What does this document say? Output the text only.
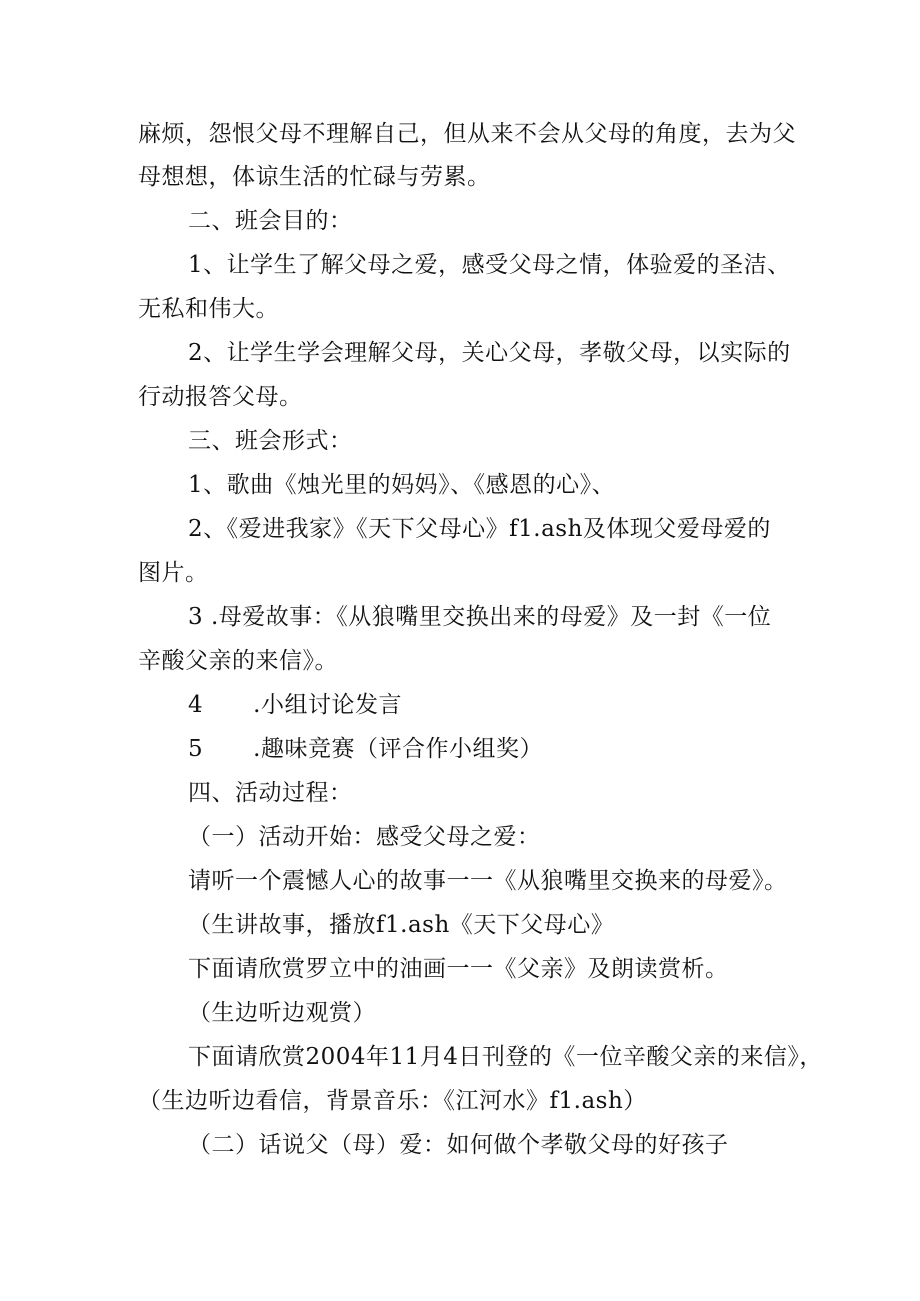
麻烦，怨恨父母不理解自己，但从来不会从父母的角度，去为父
母想想，体谅生活的忙碌与劳累。
二、班会目的：
1、让学生了解父母之爱，感受父母之情，体验爱的圣洁、
无私和伟大。
2、让学生学会理解父母，关心父母，孝敬父母，以实际的
行动报答父母。
三、班会形式：
1、歌曲《烛光里的妈妈》、《感恩的心》、
2、《爱进我家》《天下父母心》f1.ash及体现父爱母爱的
图片。
3 .母爱故事：《从狼嘴里交换出来的母爱》及一封《一位
辛酸父亲的来信》。
4 .小组讨论发言
5 .趣味竞赛（评合作小组奖）
四、活动过程：
（一）活动开始：感受父母之爱：
请听一个震憾人心的故事一一《从狼嘴里交换来的母爱》。
（生讲故事，播放f1.ash《天下父母心》
下面请欣赏罗立中的油画一一《父亲》及朗读赏析。
（生边听边观赏）
下面请欣赏2004年11月4日刊登的《一位辛酸父亲的来信》，
（生边听边看信，背景音乐：《江河水》f1.ash）
（二）话说父（母）爱：如何做个孝敬父母的好孩子
